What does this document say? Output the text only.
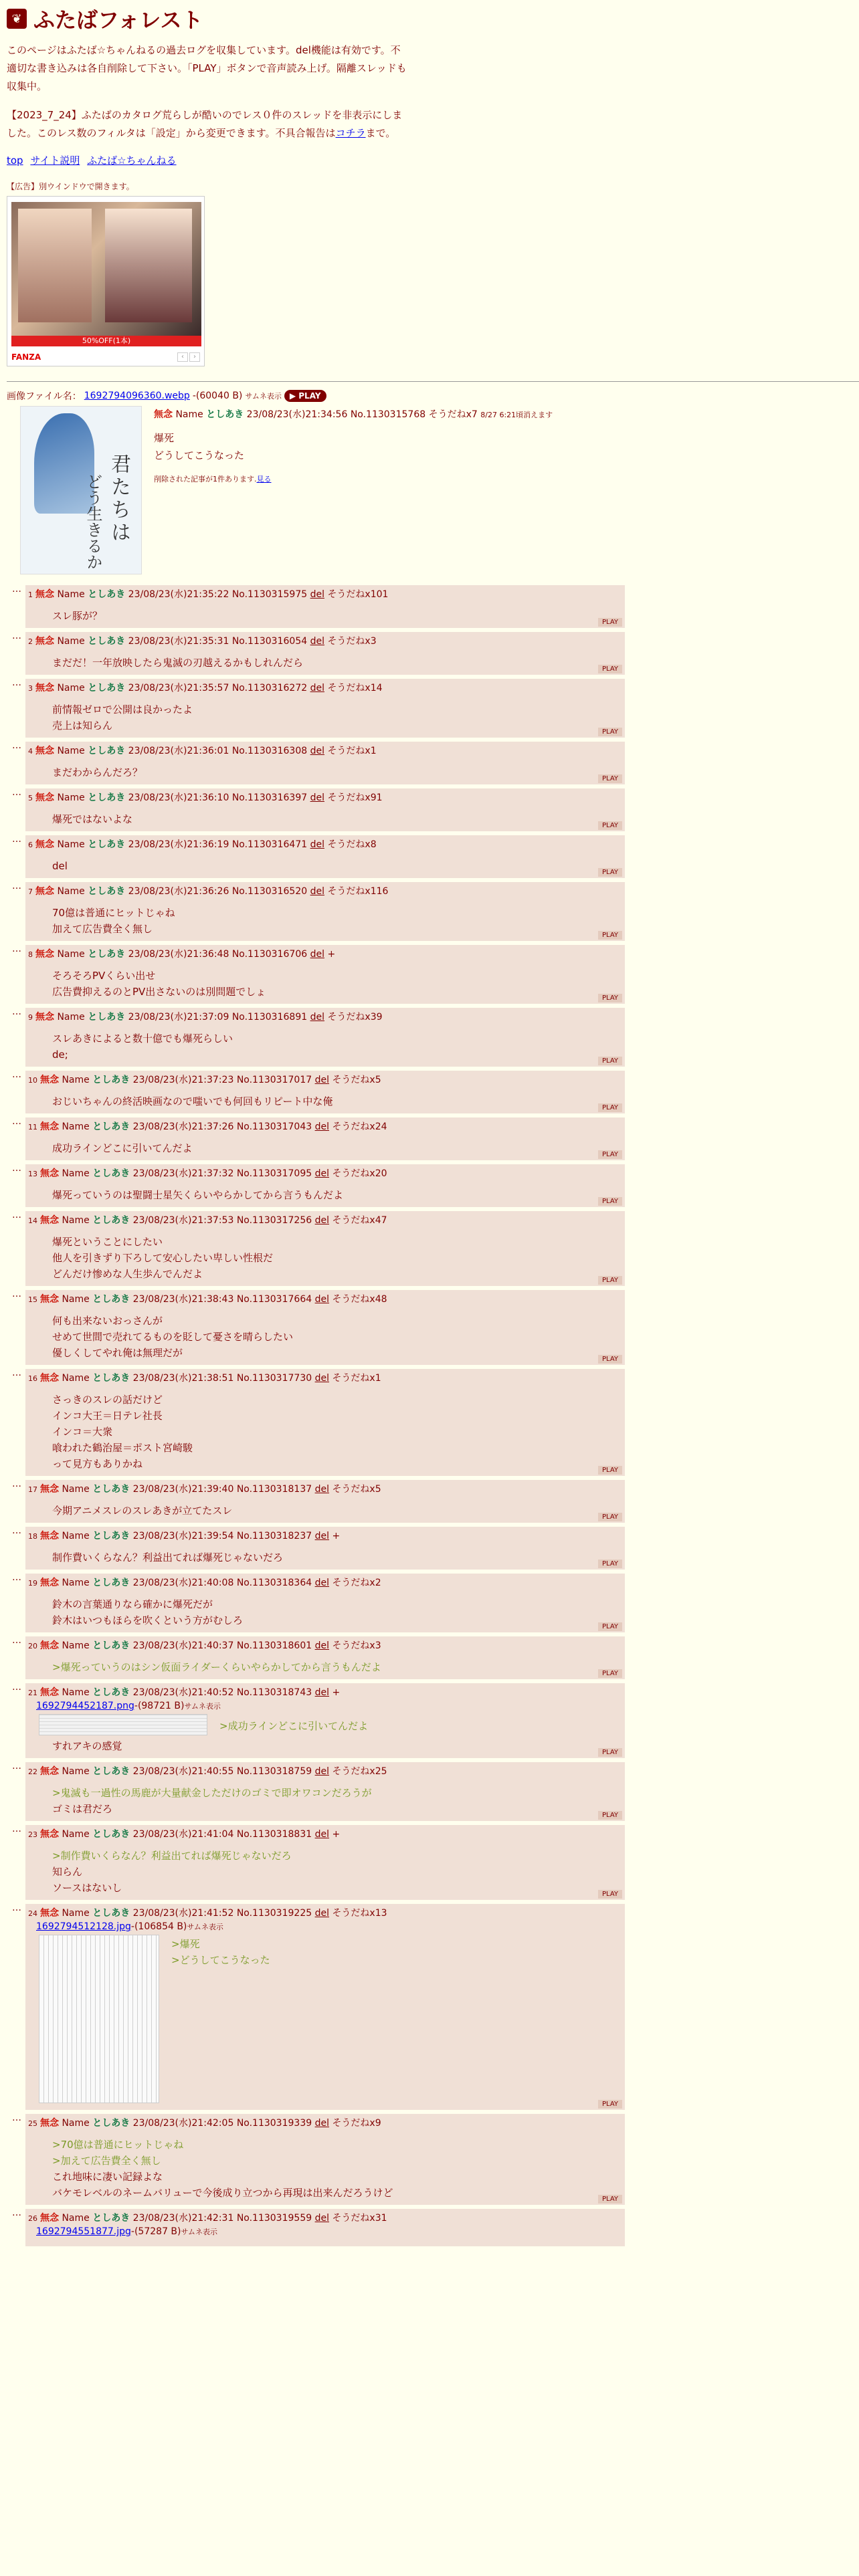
❦ ふたばフォレスト

このページはふたば☆ちゃんねるの過去ログを収集しています。del機能は有効です。不適切な書き込みは各自削除して下さい。「PLAY」ボタンで音声読み上げ。隔離スレッドも収集中。

【2023_7_24】ふたばのカタログ荒らしが酷いのでレス０件のスレッドを非表示にしました。このレス数のフィルタは「設定」から変更できます。不具合報告はコチラまで。

top サイト説明 ふたば☆ちゃんねる
【広告】別ウインドウで開きます。
50%OFF(1本)
FANZA	‹ ›
画像ファイル名： 1692794096360.webp -(60040 B) サムネ表示	▶ PLAY
君たちは
どう生きるか
無念 Name としあき 23/08/23(水)21:34:56 No.1130315768 そうだねx7 8/27 6:21頃消えます
爆死
どうしてこうなった
削除された記事が1件あります.見る
…
1 無念 Name としあき 23/08/23(水)21:35:22 No.1130315975 del そうだねx101
スレ豚が？
PLAY
…
2 無念 Name としあき 23/08/23(水)21:35:31 No.1130316054 del そうだねx3
まだだ！一年放映したら鬼滅の刃越えるかもしれんだら
PLAY
…
3 無念 Name としあき 23/08/23(水)21:35:57 No.1130316272 del そうだねx14
前情報ゼロで公開は良かったよ
売上は知らん
PLAY
…
4 無念 Name としあき 23/08/23(水)21:36:01 No.1130316308 del そうだねx1
まだわからんだろ？
PLAY
…
5 無念 Name としあき 23/08/23(水)21:36:10 No.1130316397 del そうだねx91
爆死ではないよな
PLAY
…
6 無念 Name としあき 23/08/23(水)21:36:19 No.1130316471 del そうだねx8
del
PLAY
…
7 無念 Name としあき 23/08/23(水)21:36:26 No.1130316520 del そうだねx116
70億は普通にヒットじゃね
加えて広告費全く無し
PLAY
…
8 無念 Name としあき 23/08/23(水)21:36:48 No.1130316706 del +
そろそろPVくらい出せ
広告費抑えるのとPV出さないのは別問題でしょ
PLAY
…
9 無念 Name としあき 23/08/23(水)21:37:09 No.1130316891 del そうだねx39
スレあきによると数十億でも爆死らしい
de;
PLAY
…
10 無念 Name としあき 23/08/23(水)21:37:23 No.1130317017 del そうだねx5
おじいちゃんの終活映画なので嗤いでも何回もリピート中な俺
PLAY
…
11 無念 Name としあき 23/08/23(水)21:37:26 No.1130317043 del そうだねx24
成功ラインどこに引いてんだよ
PLAY
…
13 無念 Name としあき 23/08/23(水)21:37:32 No.1130317095 del そうだねx20
爆死っていうのは聖闘士星矢くらいやらかしてから言うもんだよ
PLAY
…
14 無念 Name としあき 23/08/23(水)21:37:53 No.1130317256 del そうだねx47
爆死ということにしたい
他人を引きずり下ろして安心したい卑しい性根だ
どんだけ惨めな人生歩んでんだよ
PLAY
…
15 無念 Name としあき 23/08/23(水)21:38:43 No.1130317664 del そうだねx48
何も出来ないおっさんが
せめて世間で売れてるものを貶して憂さを晴らしたい
優しくしてやれ俺は無理だが
PLAY
…
16 無念 Name としあき 23/08/23(水)21:38:51 No.1130317730 del そうだねx1
さっきのスレの話だけど
インコ大王＝日テレ社長
インコ＝大衆
喰われた鶴治屋＝ポスト宮崎駿
って見方もありかね
PLAY
…
17 無念 Name としあき 23/08/23(水)21:39:40 No.1130318137 del そうだねx5
今期アニメスレのスレあきが立てたスレ
PLAY
…
18 無念 Name としあき 23/08/23(水)21:39:54 No.1130318237 del +
制作費いくらなん？利益出てれば爆死じゃないだろ
PLAY
…
19 無念 Name としあき 23/08/23(水)21:40:08 No.1130318364 del そうだねx2
鈴木の言葉通りなら確かに爆死だが
鈴木はいつもほらを吹くという方がむしろ
PLAY
…
20 無念 Name としあき 23/08/23(水)21:40:37 No.1130318601 del そうだねx3
>爆死っていうのはシン仮面ライダーくらいやらかしてから言うもんだよ
PLAY
…
21 無念 Name としあき 23/08/23(水)21:40:52 No.1130318743 del +
1692794452187.png-(98721 B)サムネ表示
>成功ラインどこに引いてんだよ
すれアキの感覚
PLAY
…
22 無念 Name としあき 23/08/23(水)21:40:55 No.1130318759 del そうだねx25
>鬼滅も一過性の馬鹿が大量献金しただけのゴミで即オワコンだろうが
ゴミは君だろ
PLAY
…
23 無念 Name としあき 23/08/23(水)21:41:04 No.1130318831 del +
>制作費いくらなん？利益出てれば爆死じゃないだろ
知らん
ソースはないし
PLAY
…
24 無念 Name としあき 23/08/23(水)21:41:52 No.1130319225 del そうだねx13
1692794512128.jpg-(106854 B)サムネ表示
>爆死
>どうしてこうなった
PLAY
…
25 無念 Name としあき 23/08/23(水)21:42:05 No.1130319339 del そうだねx9
>70億は普通にヒットじゃね
>加えて広告費全く無し
これ地味に凄い記録よな
バケモレベルのネームバリューで今後成り立つから再現は出来んだろうけど
PLAY
…
26 無念 Name としあき 23/08/23(水)21:42:31 No.1130319559 del そうだねx31
1692794551877.jpg-(57287 B)サムネ表示
